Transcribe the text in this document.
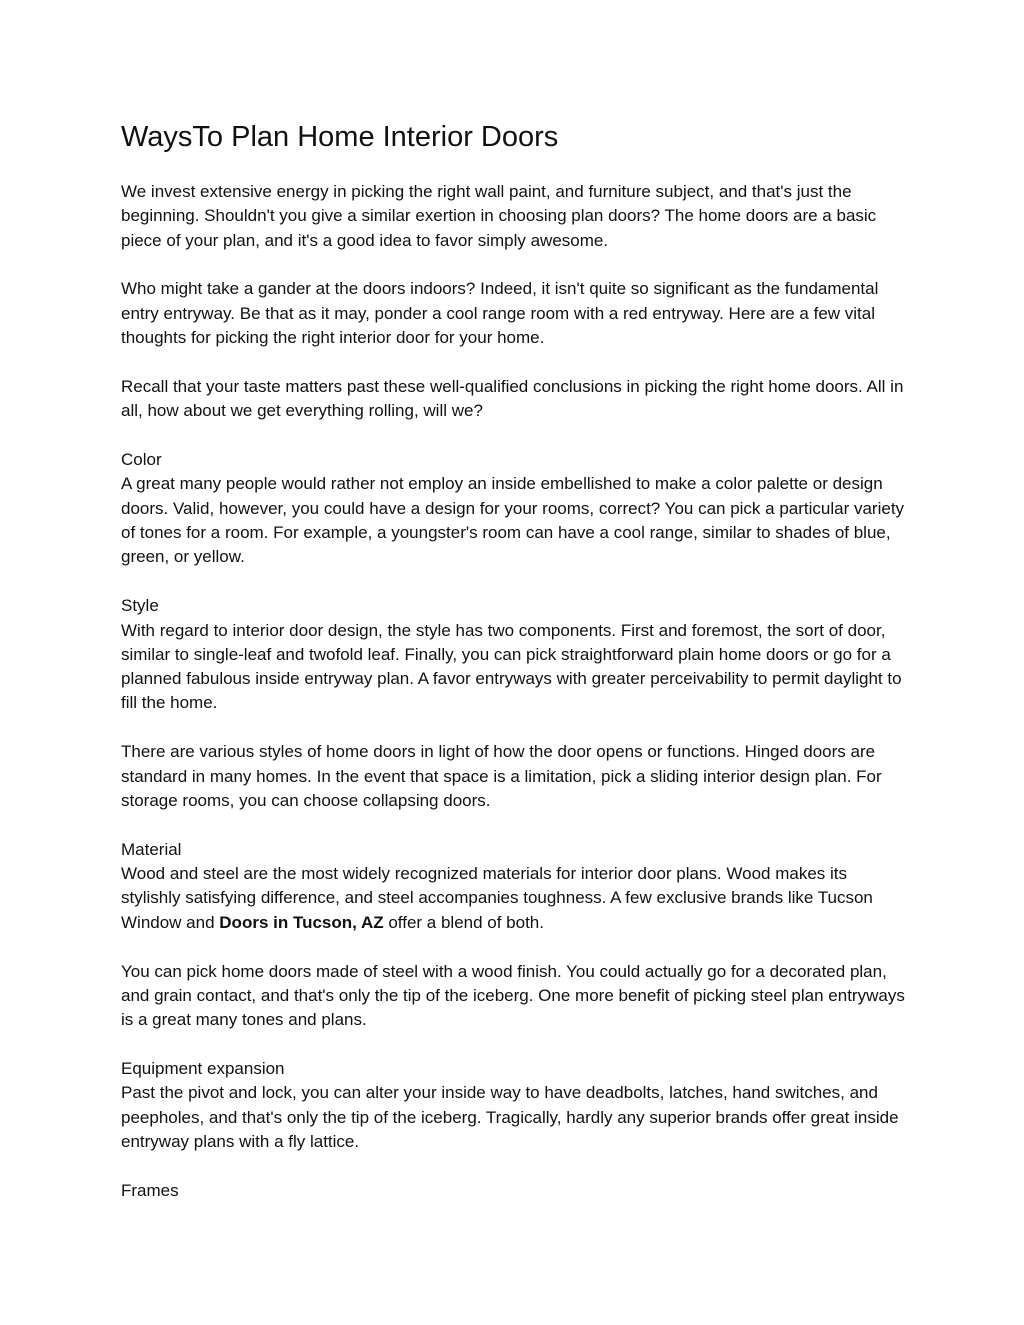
WaysTo Plan Home Interior Doors

We invest extensive energy in picking the right wall paint, and furniture subject, and that's just the beginning. Shouldn't you give a similar exertion in choosing plan doors? The home doors are a basic piece of your plan, and it's a good idea to favor simply awesome.

Who might take a gander at the doors indoors? Indeed, it isn't quite so significant as the fundamental entry entryway. Be that as it may, ponder a cool range room with a red entryway. Here are a few vital thoughts for picking the right interior door for your home.

Recall that your taste matters past these well-qualified conclusions in picking the right home doors. All in all, how about we get everything rolling, will we?

Color
A great many people would rather not employ an inside embellished to make a color palette or design doors. Valid, however, you could have a design for your rooms, correct? You can pick a particular variety of tones for a room. For example, a youngster's room can have a cool range, similar to shades of blue, green, or yellow.

Style
With regard to interior door design, the style has two components. First and foremost, the sort of door, similar to single-leaf and twofold leaf. Finally, you can pick straightforward plain home doors or go for a planned fabulous inside entryway plan. A favor entryways with greater perceivability to permit daylight to fill the home.

There are various styles of home doors in light of how the door opens or functions. Hinged doors are standard in many homes. In the event that space is a limitation, pick a sliding interior design plan. For storage rooms, you can choose collapsing doors.

Material
Wood and steel are the most widely recognized materials for interior door plans. Wood makes its stylishly satisfying difference, and steel accompanies toughness. A few exclusive brands like Tucson Window and Doors in Tucson, AZ offer a blend of both.

You can pick home doors made of steel with a wood finish. You could actually go for a decorated plan, and grain contact, and that's only the tip of the iceberg. One more benefit of picking steel plan entryways is a great many tones and plans.

Equipment expansion
Past the pivot and lock, you can alter your inside way to have deadbolts, latches, hand switches, and peepholes, and that's only the tip of the iceberg. Tragically, hardly any superior brands offer great inside entryway plans with a fly lattice.

Frames
